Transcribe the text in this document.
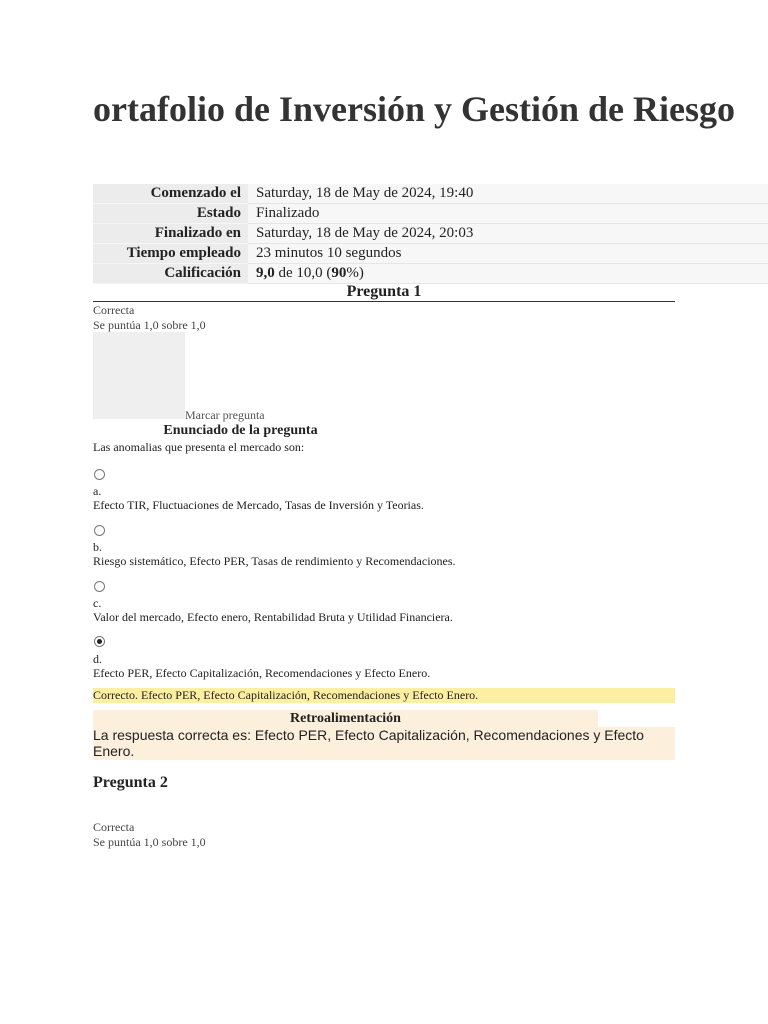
ortafolio de Inversión y Gestión de Riesgo
Comenzado el	Saturday, 18 de May de 2024, 19:40
Estado	Finalizado
Finalizado en	Saturday, 18 de May de 2024, 20:03
Tiempo empleado	23 minutos 10 segundos
Calificación	9,0 de 10,0 (90%)
Pregunta 1
Correcta
Se puntúa 1,0 sobre 1,0
Marcar pregunta
Enunciado de la pregunta
Las anomalias que presenta el mercado son:
a.
Efecto TIR, Fluctuaciones de Mercado, Tasas de Inversión y Teorias.
b.
Riesgo sistemático, Efecto PER, Tasas de rendimiento y Recomendaciones.
c.
Valor del mercado, Efecto enero, Rentabilidad Bruta y Utilidad Financiera.
d.
Efecto PER, Efecto Capitalización, Recomendaciones y Efecto Enero.
Correcto. Efecto PER, Efecto Capitalización, Recomendaciones y Efecto Enero.
Retroalimentación
La respuesta correcta es: Efecto PER, Efecto Capitalización, Recomendaciones y Efecto Enero.
Pregunta 2
Correcta
Se puntúa 1,0 sobre 1,0
